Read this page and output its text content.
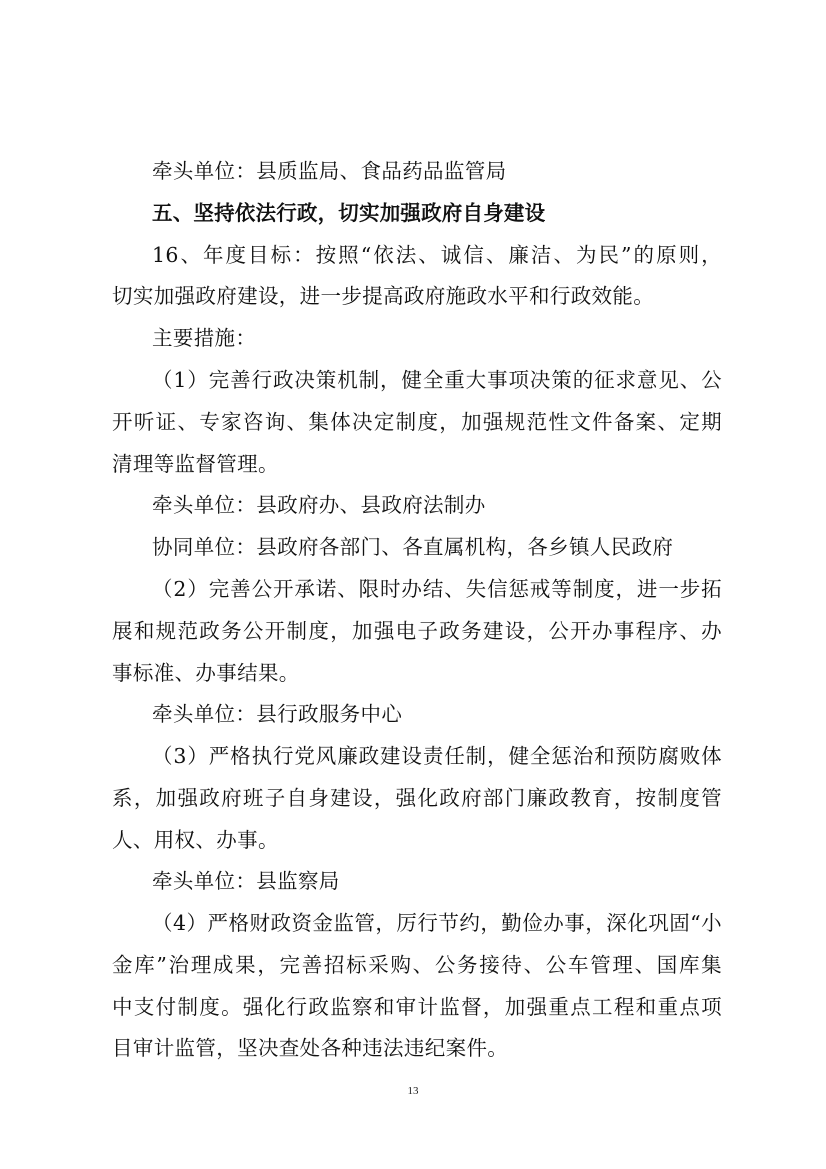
牵头单位：县质监局、食品药品监管局
五、坚持依法行政，切实加强政府自身建设
16、年度目标：按照“依法、诚信、廉洁、为民”的原则，
切实加强政府建设，进一步提高政府施政水平和行政效能。
主要措施：
（1）完善行政决策机制，健全重大事项决策的征求意见、公
开听证、专家咨询、集体决定制度，加强规范性文件备案、定期
清理等监督管理。
牵头单位：县政府办、县政府法制办
协同单位：县政府各部门、各直属机构，各乡镇人民政府
（2）完善公开承诺、限时办结、失信惩戒等制度，进一步拓
展和规范政务公开制度，加强电子政务建设，公开办事程序、办
事标准、办事结果。
牵头单位：县行政服务中心
（3）严格执行党风廉政建设责任制，健全惩治和预防腐败体
系，加强政府班子自身建设，强化政府部门廉政教育，按制度管
人、用权、办事。
牵头单位：县监察局
（4）严格财政资金监管，厉行节约，勤俭办事，深化巩固“小
金库”治理成果，完善招标采购、公务接待、公车管理、国库集
中支付制度。强化行政监察和审计监督，加强重点工程和重点项
目审计监管，坚决查处各种违法违纪案件。
13
